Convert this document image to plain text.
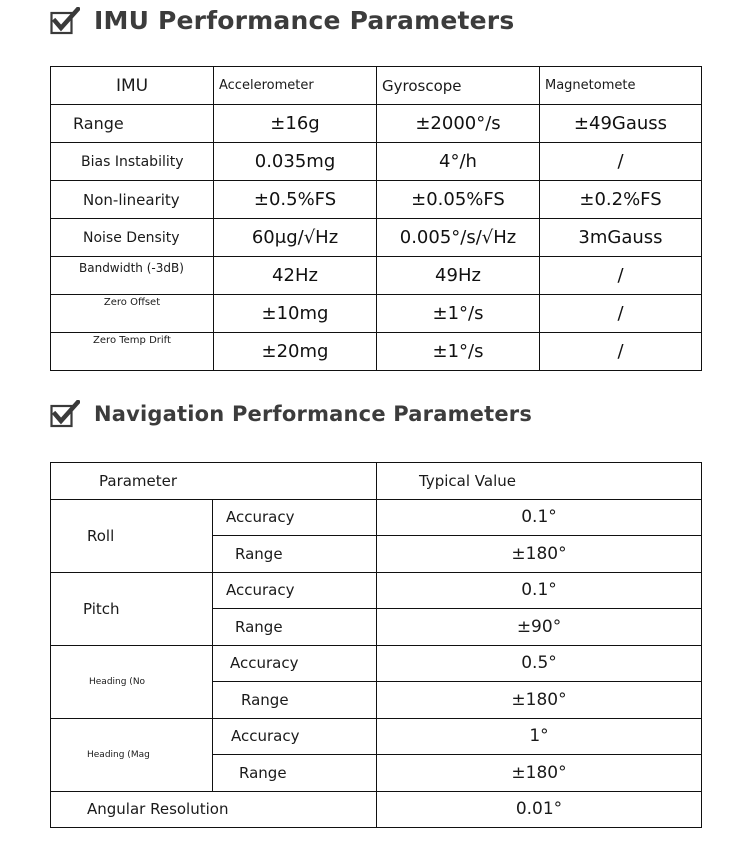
IMU Performance Parameters
IMU	Accelerometer	Gyroscope	Magnetomete
Range	±16g	±2000°/s	±49Gauss
Bias Instability	0.035mg	4°/h	/
Non-linearity	±0.5%FS	±0.05%FS	±0.2%FS
Noise Density	60μg/√Hz	0.005°/s/√Hz	3mGauss
Bandwidth (-3dB)	42Hz	49Hz	/
Zero Offset	±10mg	±1°/s	/
Zero Temp Drift	±20mg	±1°/s	/
Navigation Performance Parameters
Parameter		Typical Value
Roll	Accuracy	0.1°
	Range	±180°
Pitch	Accuracy	0.1°
	Range	±90°
Heading (No	Accuracy	0.5°
	Range	±180°
Heading (Mag	Accuracy	1°
	Range	±180°
Angular Resolution		0.01°
